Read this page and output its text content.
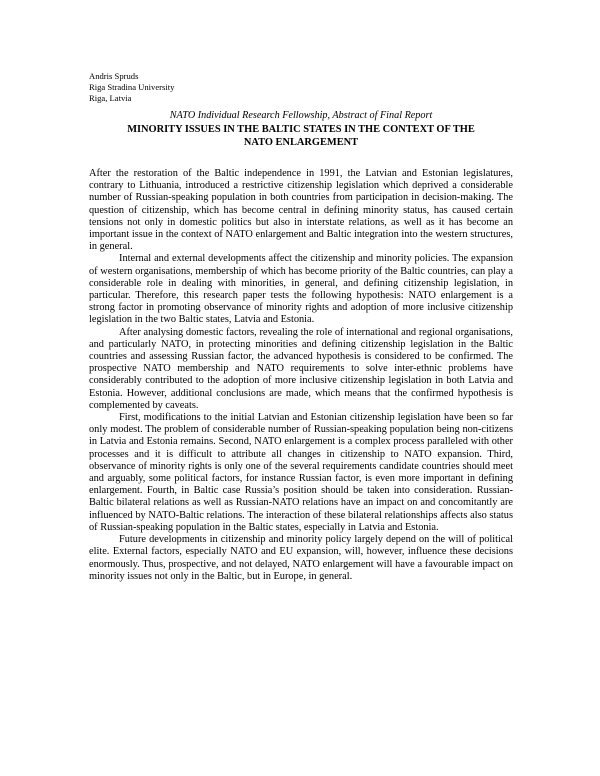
Andris Spruds
Riga Stradina University
Riga, Latvia
NATO Individual Research Fellowship, Abstract of Final Report
MINORITY ISSUES IN THE BALTIC STATES IN THE CONTEXT OF THE
NATO ENLARGEMENT

After the restoration of the Baltic independence in 1991, the Latvian and Estonian legislatures, contrary to Lithuania, introduced a restrictive citizenship legislation which deprived a considerable number of Russian-speaking population in both countries from participation in decision-making. The question of citizenship, which has become central in defining minority status, has caused certain tensions not only in domestic politics but also in interstate relations, as well as it has become an important issue in the context of NATO enlargement and Baltic integration into the western structures, in general.

Internal and external developments affect the citizenship and minority policies. The expansion of western organisations, membership of which has become priority of the Baltic countries, can play a considerable role in dealing with minorities, in general, and defining citizenship legislation, in particular. Therefore, this research paper tests the following hypothesis: NATO enlargement is a strong factor in promoting observance of minority rights and adoption of more inclusive citizenship legislation in the two Baltic states, Latvia and Estonia.

After analysing domestic factors, revealing the role of international and regional organisations, and particularly NATO, in protecting minorities and defining citizenship legislation in the Baltic countries and assessing Russian factor, the advanced hypothesis is considered to be confirmed. The prospective NATO membership and NATO requirements to solve inter-ethnic problems have considerably contributed to the adoption of more inclusive citizenship legislation in both Latvia and Estonia. However, additional conclusions are made, which means that the confirmed hypothesis is complemented by caveats.

First, modifications to the initial Latvian and Estonian citizenship legislation have been so far only modest. The problem of considerable number of Russian-speaking population being non-citizens in Latvia and Estonia remains. Second, NATO enlargement is a complex process paralleled with other processes and it is difficult to attribute all changes in citizenship to NATO expansion. Third, observance of minority rights is only one of the several requirements candidate countries should meet and arguably, some political factors, for instance Russian factor, is even more important in defining enlargement. Fourth, in Baltic case Russia’s position should be taken into consideration. Russian-Baltic bilateral relations as well as Russian-NATO relations have an impact on and concomitantly are influenced by NATO-Baltic relations. The interaction of these bilateral relationships affects also status of Russian-speaking population in the Baltic states, especially in Latvia and Estonia.

Future developments in citizenship and minority policy largely depend on the will of political elite. External factors, especially NATO and EU expansion, will, however, influence these decisions enormously. Thus, prospective, and not delayed, NATO enlargement will have a favourable impact on minority issues not only in the Baltic, but in Europe, in general.
